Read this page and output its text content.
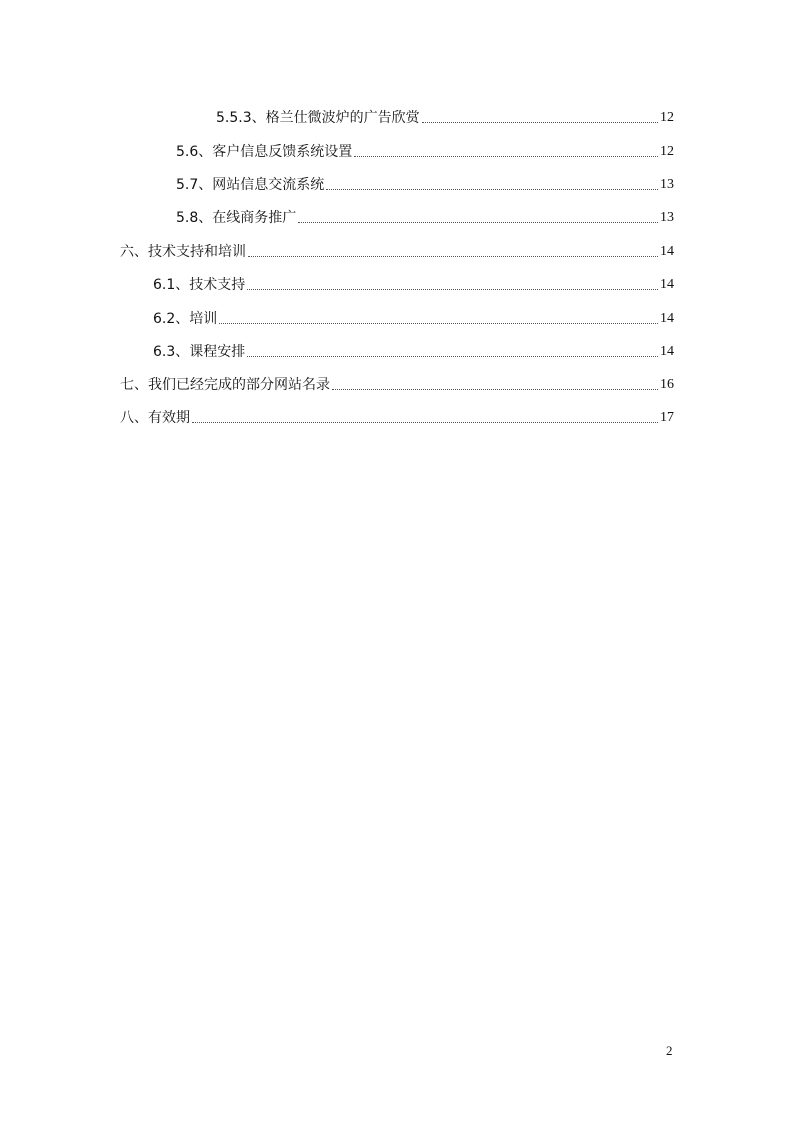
5.5.3、格兰仕微波炉的广告欣赏	12
5.6、客户信息反馈系统设置	12
5.7、网站信息交流系统	13
5.8、在线商务推广	13
六、技术支持和培训	14
6.1、技术支持	14
6.2、培训	14
6.3、课程安排	14
七、我们已经完成的部分网站名录	16
八、有效期	17
2
